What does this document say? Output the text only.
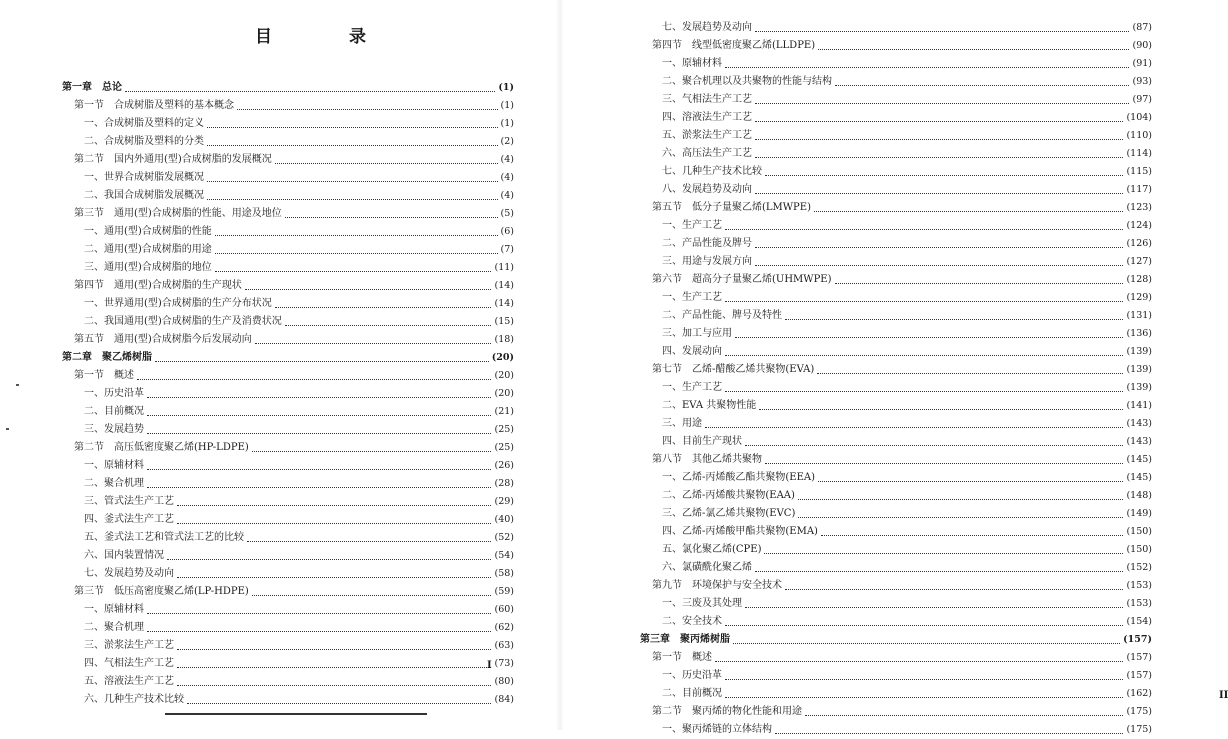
目　录
第一章　总论	(1)
第一节　合成树脂及塑料的基本概念	(1)
一、合成树脂及塑料的定义	(1)
二、合成树脂及塑料的分类	(2)
第二节　国内外通用(型)合成树脂的发展概况	(4)
一、世界合成树脂发展概况	(4)
二、我国合成树脂发展概况	(4)
第三节　通用(型)合成树脂的性能、用途及地位	(5)
一、通用(型)合成树脂的性能	(6)
二、通用(型)合成树脂的用途	(7)
三、通用(型)合成树脂的地位	(11)
第四节　通用(型)合成树脂的生产现状	(14)
一、世界通用(型)合成树脂的生产分布状况	(14)
二、我国通用(型)合成树脂的生产及消费状况	(15)
第五节　通用(型)合成树脂今后发展动向	(18)
第二章　聚乙烯树脂	(20)
第一节　概述	(20)
一、历史沿革	(20)
二、目前概况	(21)
三、发展趋势	(25)
第二节　高压低密度聚乙烯(HP-LDPE)	(25)
一、原辅材料	(26)
二、聚合机理	(28)
三、管式法生产工艺	(29)
四、釜式法生产工艺	(40)
五、釜式法工艺和管式法工艺的比较	(52)
六、国内装置情况	(54)
七、发展趋势及动向	(58)
第三节　低压高密度聚乙烯(LP-HDPE)	(59)
一、原辅材料	(60)
二、聚合机理	(62)
三、淤浆法生产工艺	(63)
四、气相法生产工艺	(73)
五、溶液法生产工艺	(80)
六、几种生产技术比较	(84)
I
七、发展趋势及动向	(87)
第四节　线型低密度聚乙烯(LLDPE)	(90)
一、原辅材料	(91)
二、聚合机理以及共聚物的性能与结构	(93)
三、气相法生产工艺	(97)
四、溶液法生产工艺	(104)
五、淤浆法生产工艺	(110)
六、高压法生产工艺	(114)
七、几种生产技术比较	(115)
八、发展趋势及动向	(117)
第五节　低分子量聚乙烯(LMWPE)	(123)
一、生产工艺	(124)
二、产品性能及牌号	(126)
三、用途与发展方向	(127)
第六节　超高分子量聚乙烯(UHMWPE)	(128)
一、生产工艺	(129)
二、产品性能、牌号及特性	(131)
三、加工与应用	(136)
四、发展动向	(139)
第七节　乙烯-醋酸乙烯共聚物(EVA)	(139)
一、生产工艺	(139)
二、EVA 共聚物性能	(141)
三、用途	(143)
四、目前生产现状	(143)
第八节　其他乙烯共聚物	(145)
一、乙烯-丙烯酸乙酯共聚物(EEA)	(145)
二、乙烯-丙烯酸共聚物(EAA)	(148)
三、乙烯-氯乙烯共聚物(EVC)	(149)
四、乙烯-丙烯酸甲酯共聚物(EMA)	(150)
五、氯化聚乙烯(CPE)	(150)
六、氯磺酰化聚乙烯	(152)
第九节　环境保护与安全技术	(153)
一、三废及其处理	(153)
二、安全技术	(154)
第三章　聚丙烯树脂	(157)
第一节　概述	(157)
一、历史沿革	(157)
二、目前概况	(162)
第二节　聚丙烯的物化性能和用途	(175)
一、聚丙烯链的立体结构	(175)
II
